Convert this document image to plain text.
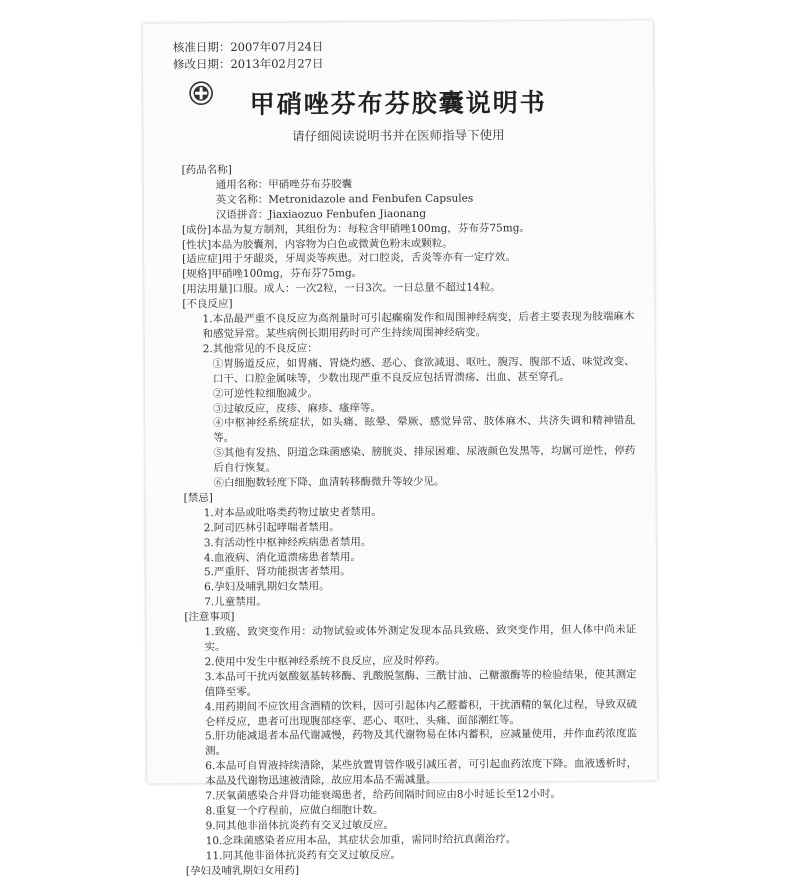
核准日期：2007年07月24日
修改日期：2013年02月27日
甲硝唑芬布芬胶囊说明书
请仔细阅读说明书并在医师指导下使用

[药品名称]

通用名称：甲硝唑芬布芬胶囊

英文名称：Metronidazole and Fenbufen Capsules

汉语拼音：Jiaxiaozuo Fenbufen Jiaonang

[成份]本品为复方制剂，其组份为：每粒含甲硝唑100mg，芬布芬75mg。

[性状]本品为胶囊剂，内容物为白色或微黄色粉末或颗粒。

[适应症]用于牙龈炎，牙周炎等疾患。对口腔炎，舌炎等亦有一定疗效。

[规格]甲硝唑100mg，芬布芬75mg。

[用法用量]口服。成人：一次2粒，一日3次。一日总量不超过14粒。

[不良反应]

1.本品最严重不良反应为高剂量时可引起癫痫发作和周围神经病变，后者主要表现为肢端麻木和感觉异常。某些病例长期用药时可产生持续周围神经病变。

2.其他常见的不良反应：

①胃肠道反应，如胃痛、胃烧灼感、恶心、食欲减退、呕吐、腹泻、腹部不适、味觉改变、口干、口腔金属味等，少数出现严重不良反应包括胃溃疡、出血、甚至穿孔。

②可逆性粒细胞减少。

③过敏反应，皮疹、麻疹、瘙痒等。

④中枢神经系统症状，如头痛、眩晕、晕厥、感觉异常、肢体麻木、共济失调和精神错乱等。

⑤其他有发热、阴道念珠菌感染、膀胱炎、排尿困难、尿液颜色发黑等，均属可逆性，停药后自行恢复。

⑥白细胞数轻度下降、血清转移酶微升等较少见。

[禁忌]

1.对本品或吡咯类药物过敏史者禁用。

2.阿司匹林引起哮喘者禁用。

3.有活动性中枢神经疾病患者禁用。

4.血液病、消化道溃疡患者禁用。

5.严重肝、肾功能损害者禁用。

6.孕妇及哺乳期妇女禁用。

7.儿童禁用。

[注意事项]

1.致癌、致突变作用：动物试验或体外测定发现本品具致癌、致突变作用，但人体中尚未证实。

2.使用中发生中枢神经系统不良反应，应及时停药。

3.本品可干扰丙氨酸氨基转移酶、乳酸脱氢酶、三酰甘油、己糖激酶等的检验结果，使其测定值降至零。

4.用药期间不应饮用含酒精的饮料，因可引起体内乙醛蓄积，干扰酒精的氧化过程，导致双硫仑样反应，患者可出现腹部痉挛、恶心、呕吐、头痛、面部潮红等。

5.肝功能减退者本品代谢减慢，药物及其代谢物易在体内蓄积，应减量使用，并作血药浓度监测。

6.本品可自胃液持续清除，某些放置胃管作吸引减压者，可引起血药浓度下降。血液透析时，本品及代谢物迅速被清除，故应用本品不需减量。

7.厌氧菌感染合并肾功能衰竭患者，给药间隔时间应由8小时延长至12小时。

8.重复一个疗程前，应做白细胞计数。

9.同其他非甾体抗炎药有交叉过敏反应。

10.念珠菌感染者应用本品，其症状会加重，需同时给抗真菌治疗。

11.同其他非甾体抗炎药有交叉过敏反应。

[孕妇及哺乳期妇女用药]
